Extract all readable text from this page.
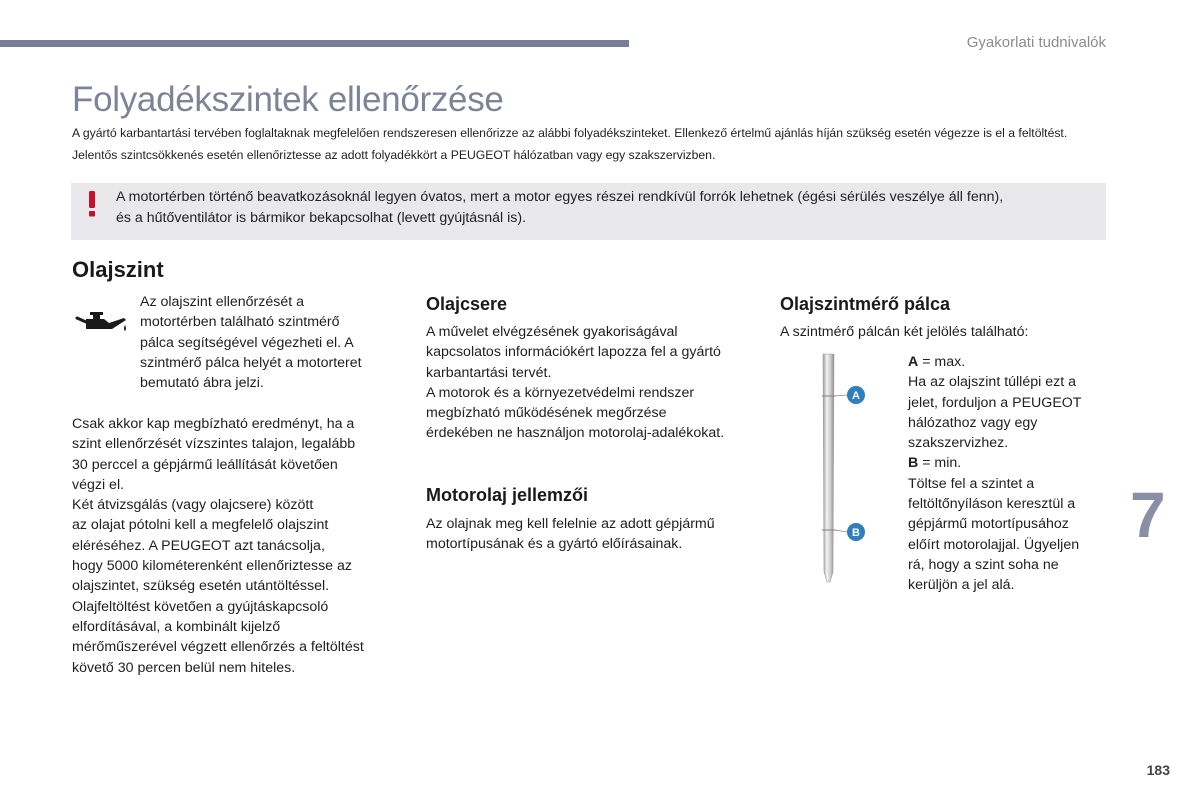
Gyakorlati tudnivalók
Folyadékszintek ellenőrzése

A gyártó karbantartási tervében foglaltaknak megfelelően rendszeresen ellenőrizze az alábbi folyadékszinteket. Ellenkező értelmű ajánlás híján szükség esetén végezze is el a feltöltést.

Jelentős szintcsökkenés esetén ellenőriztesse az adott folyadékkört a PEUGEOT hálózatban vagy egy szakszervizben.

A motortérben történő beavatkozásoknál legyen óvatos, mert a motor egyes részei rendkívül forrók lehetnek (égési sérülés veszélye áll fenn),

és a hűtőventilátor is bármikor bekapcsolhat (levett gyújtásnál is).

Olajszint

Az olajszint ellenőrzését a

motortérben található szintmérő

pálca segítségével végezheti el. A

szintmérő pálca helyét a motorteret

bemutató ábra jelzi.

Csak akkor kap megbízható eredményt, ha a

szint ellenőrzését vízszintes talajon, legalább

30 perccel a gépjármű leállítását követően

végzi el.

Két átvizsgálás (vagy olajcsere) között

az olajat pótolni kell a megfelelő olajszint

eléréséhez. A PEUGEOT azt tanácsolja,

hogy 5000 kilométerenként ellenőriztesse az

olajszintet, szükség esetén utántöltéssel.

Olajfeltöltést követően a gyújtáskapcsoló

elfordításával, a kombinált kijelző

mérőműszerével végzett ellenőrzés a feltöltést

követő 30 percen belül nem hiteles.

Olajcsere

A művelet elvégzésének gyakoriságával

kapcsolatos információkért lapozza fel a gyártó

karbantartási tervét.

A motorok és a környezetvédelmi rendszer

megbízható működésének megőrzése

érdekében ne használjon motorolaj-adalékokat.

Motorolaj jellemzői

Az olajnak meg kell felelnie az adott gépjármű

motortípusának és a gyártó előírásainak.

Olajszintmérő pálca
A szintmérő pálcán két jelölés található:
A
B

A = max.

Ha az olajszint túllépi ezt a

jelet, forduljon a PEUGEOT

hálózathoz vagy egy

szakszervizhez.

B = min.

Töltse fel a szintet a

feltöltőnyíláson keresztül a

gépjármű motortípusához

előírt motorolajjal. Ügyeljen

rá, hogy a szint soha ne

kerüljön a jel alá.

7
183
